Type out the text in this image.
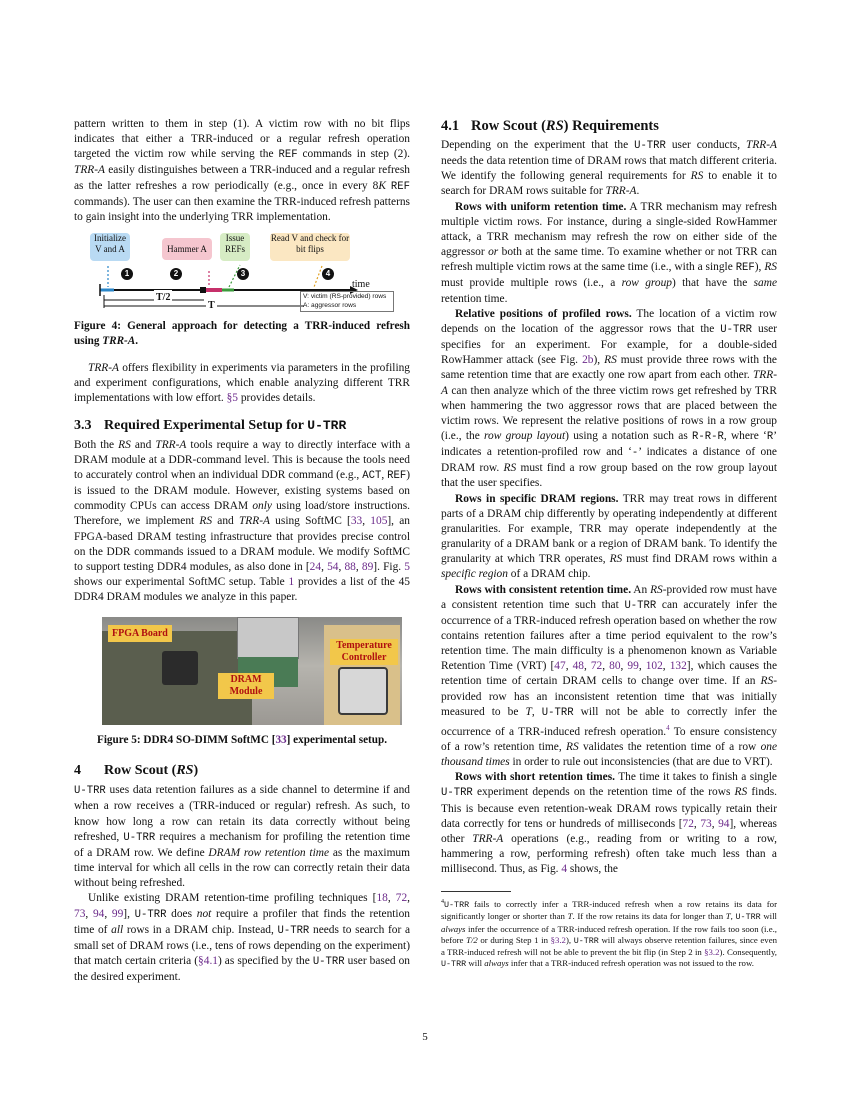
pattern written to them in step (1). A victim row with no bit flips indicates that either a TRR-induced or a regular refresh operation targeted the victim row while serving the REF commands in step (2). TRR-A easily distinguishes between a TRR-induced and a regular refresh as the latter refreshes a row periodically (e.g., once in every 8K REF commands). The user can then examine the TRR-induced refresh patterns to gain insight into the underlying TRR implementation.

Initialize V and A	Hammer A
Issue REFs
Read V and check for bit flips
1	2	3	4
time
T/2
T
V: victim (RS-provided) rows
A: aggressor rows

Figure 4: General approach for detecting a TRR-induced refresh using TRR-A.

TRR-A offers flexibility in experiments via parameters in the profiling and experiment configurations, which enable analyzing different TRR implementations with low effort. §5 provides details.

3.3 Required Experimental Setup for U-TRR

Both the RS and TRR-A tools require a way to directly interface with a DRAM module at a DDR-command level. This is because the tools need to accurately control when an individual DDR command (e.g., ACT, REF) is issued to the DRAM module. However, existing systems based on commodity CPUs can access DRAM only using load/store instructions. Therefore, we implement RS and TRR-A using SoftMC [33, 105], an FPGA-based DRAM testing infrastructure that provides precise control on the DDR commands issued to a DRAM module. We modify SoftMC to support testing DDR4 modules, as also done in [24, 54, 88, 89]. Fig. 5 shows our experimental SoftMC setup. Table 1 provides a list of the 45 DDR4 DRAM modules we analyze in this paper.

FPGA Board
DRAM Module
Temperature Controller

Figure 5: DDR4 SO-DIMM SoftMC [33] experimental setup.

4 Row Scout (RS)

U-TRR uses data retention failures as a side channel to determine if and when a row receives a (TRR-induced or regular) refresh. As such, to know how long a row can retain its data correctly without being refreshed, U-TRR requires a mechanism for profiling the retention time of a DRAM row. We define DRAM row retention time as the maximum time interval for which all cells in the row can correctly retain their data without being refreshed.

Unlike existing DRAM retention-time profiling techniques [18, 72, 73, 94, 99], U-TRR does not require a profiler that finds the retention time of all rows in a DRAM chip. Instead, U-TRR needs to search for a small set of DRAM rows (i.e., tens of rows depending on the experiment) that match certain criteria (§4.1) as specified by the U-TRR user based on the desired experiment.

4.1 Row Scout (RS) Requirements

Depending on the experiment that the U-TRR user conducts, TRR-A needs the data retention time of DRAM rows that match different criteria. We identify the following general requirements for RS to enable it to search for DRAM rows suitable for TRR-A.

Rows with uniform retention time. A TRR mechanism may refresh multiple victim rows. For instance, during a single-sided RowHammer attack, a TRR mechanism may refresh the row on either side of the aggressor or both at the same time. To examine whether or not TRR can refresh multiple victim rows at the same time (i.e., with a single REF), RS must provide multiple rows (i.e., a row group) that have the same retention time.

Relative positions of profiled rows. The location of a victim row depends on the location of the aggressor rows that the U-TRR user specifies for an experiment. For example, for a double-sided RowHammer attack (see Fig. 2b), RS must provide three rows with the same retention time that are exactly one row apart from each other. TRR-A can then analyze which of the three victim rows get refreshed by TRR when hammering the two aggressor rows that are placed between the victim rows. We represent the relative positions of rows in a row group (i.e., the row group layout) using a notation such as R-R-R, where ‘R’ indicates a retention-profiled row and ‘-’ indicates a distance of one DRAM row. RS must find a row group based on the row group layout that the user specifies.

Rows in specific DRAM regions. TRR may treat rows in different parts of a DRAM chip differently by operating independently at different granularities. For example, TRR may operate independently at the granularity of a DRAM bank or a region of DRAM bank. To identify the granularity at which TRR operates, RS must find DRAM rows within a specific region of a DRAM chip.

Rows with consistent retention time. An RS-provided row must have a consistent retention time such that U-TRR can accurately infer the occurrence of a TRR-induced refresh operation based on whether the row contains retention failures after a time period equivalent to the row’s retention time. The main difficulty is a phenomenon known as Variable Retention Time (VRT) [47, 48, 72, 80, 99, 102, 132], which causes the retention time of certain DRAM cells to change over time. If an RS-provided row has an inconsistent retention time that was initially measured to be T, U-TRR will not be able to correctly infer the occurrence of a TRR-induced refresh operation.$^4$ To ensure consistency of a row’s retention time, RS validates the retention time of a row one thousand times in order to rule out inconsistencies (that are due to VRT).

Rows with short retention times. The time it takes to finish a single U-TRR experiment depends on the retention time of the rows RS finds. This is because even retention-weak DRAM rows typically retain their data correctly for tens or hundreds of milliseconds [72, 73, 94], whereas other TRR-A operations (e.g., reading from or writing to a row, hammering a row, performing refresh) often take much less than a millisecond. Thus, as Fig. 4 shows, the

$^4$U-TRR fails to correctly infer a TRR-induced refresh when a row retains its data for significantly longer or shorter than T. If the row retains its data for longer than T, U-TRR will always infer the occurrence of a TRR-induced refresh operation. If the row fails too soon (i.e., before T/2 or during Step 1 in §3.2), U-TRR will always observe retention failures, since even a TRR-induced refresh will not be able to prevent the bit flip (in Step 2 in §3.2). Consequently, U-TRR will always infer that a TRR-induced refresh operation was not issued to the row.

5
